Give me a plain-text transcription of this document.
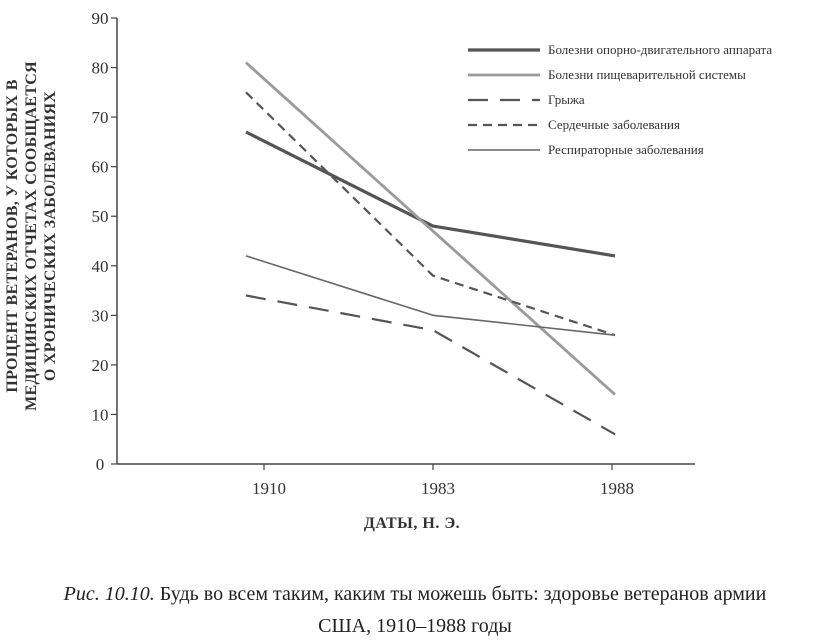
0
10
20
30
40
50
60
70
80
90
1910	1983	1988
ПРОЦЕНТ ВЕТЕРАНОВ, У КОТОРЫХ В МЕДИЦИНСКИХ ОТЧЕТАХ СООБЩАЕТСЯ О ХРОНИЧЕСКИХ ЗАБОЛЕВАНИЯХ
ДАТЫ, Н. Э.
Болезни опорно-двигательного аппарата
Болезни пищеварительной системы
Грыжа
Сердечные заболевания
Респираторные заболевания
Рис. 10.10. Будь во всем таким, каким ты можешь быть: здоровье ветеранов армии
США, 1910–1988 годы
